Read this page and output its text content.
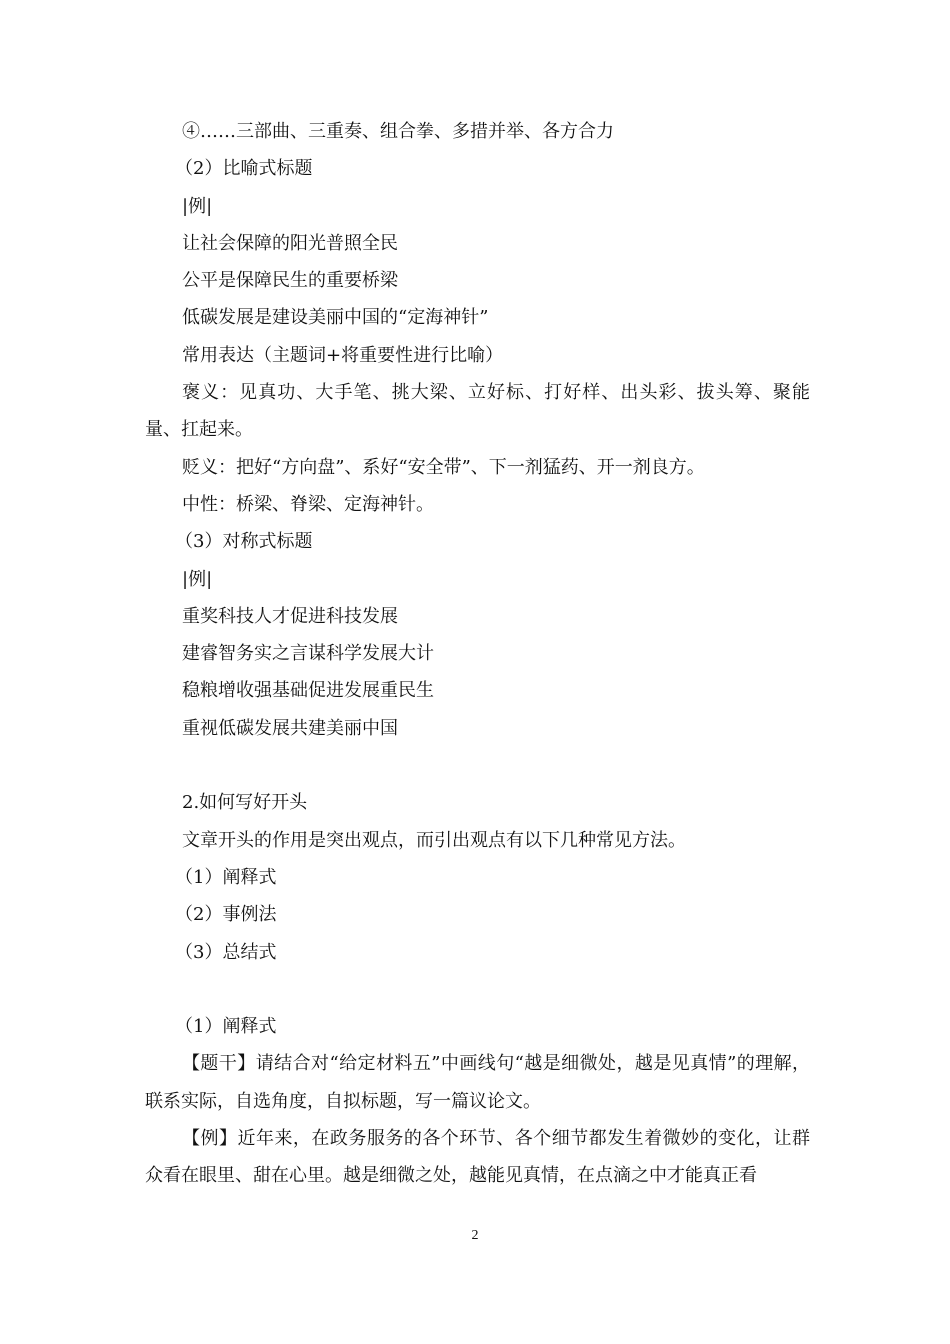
④……三部曲、三重奏、组合拳、多措并举、各方合力

（2）比喻式标题

|例|

让社会保障的阳光普照全民

公平是保障民生的重要桥梁

低碳发展是建设美丽中国的“定海神针”

常用表达（主题词+将重要性进行比喻）

褒义：见真功、大手笔、挑大梁、立好标、打好样、出头彩、拔头筹、聚能量、扛起来。

贬义：把好“方向盘”、系好“安全带”、下一剂猛药、开一剂良方。

中性：桥梁、脊梁、定海神针。

（3）对称式标题

|例|

重奖科技人才促进科技发展

建睿智务实之言谋科学发展大计

稳粮增收强基础促进发展重民生

重视低碳发展共建美丽中国

2.如何写好开头

文章开头的作用是突出观点，而引出观点有以下几种常见方法。

（1）阐释式

（2）事例法

（3）总结式

（1）阐释式

【题干】请结合对“给定材料五”中画线句“越是细微处，越是见真情”的理解，联系实际，自选角度，自拟标题，写一篇议论文。

【例】近年来，在政务服务的各个环节、各个细节都发生着微妙的变化，让群众看在眼里、甜在心里。越是细微之处，越能见真情，在点滴之中才能真正看

2
